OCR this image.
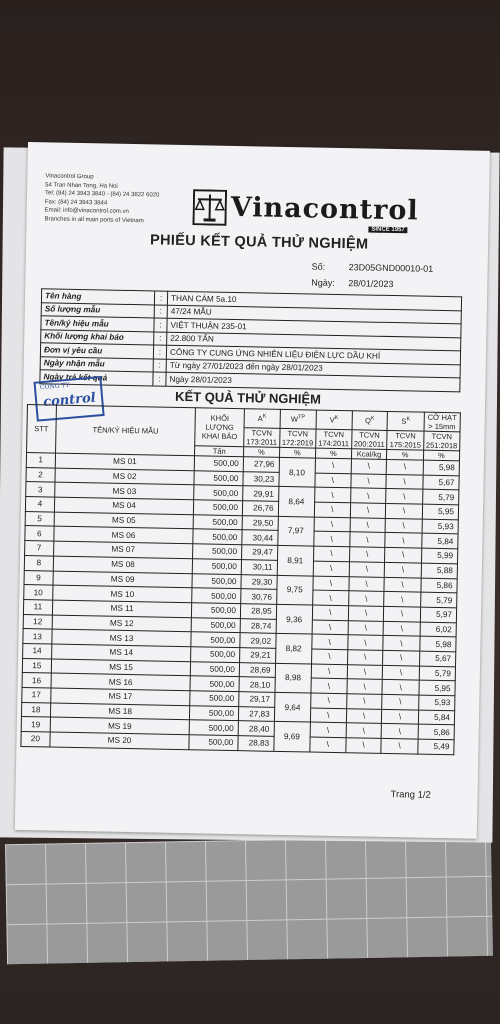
Vinacontrol Group
54 Tran Nhan Tong, Ha Noi
Tel: (84) 24 3943 3840 - (84) 24 3822 6020
Fax: (84) 24 3943 3844
Email: info@vinacontrol.com.vn
Branches in all main ports of Vietnam	Vinacontrol
SINCE 1957
PHIẾU KẾT QUẢ THỬ NGHIỆM
Số:	23D05GND00010-01
Ngày: 28/01/2023
Tên hàng	:	THAN CÁM 5a.10
Số lượng mẫu	:	47/24 MẪU
Tên/ký hiệu mẫu	:	VIỆT THUẬN 235-01
Khối lượng khai báo	:	22.800 TẤN
Đơn vị yêu cầu	:	CÔNG TY CUNG ỨNG NHIÊN LIỆU ĐIỆN LỰC DẦU KHÍ
Ngày nhận mẫu	:	Từ ngày 27/01/2023 đến ngày 28/01/2023
Ngày trả kết quả	:	Ngày 28/01/2023
CÔNG TY
control	KẾT QUẢ THỬ NGHIỆM
STT	TÊN/KÝ HIỆU MẪU	KHỐI LƯỢNG KHAI BÁO	$A^K$	$W^{TP}$	$V^K$	$Q^K$	$S^K$	CỠ HẠT > 15mm
			TCVN 173:2011	TCVN 172:2019	TCVN 174:2011	TCVN 200:2011	TCVN 175:2015	TCVN 251:2018
		Tấn	%	%	%	Kcal/kg	%	%
1	MS 01	500,00	27,96	8,10	\	\	\	5,98
2	MS 02	500,00	30,23		\	\	\	5,67
3	MS 03	500,00	29,91	8,64	\	\	\	5,79
4	MS 04	500,00	26,76		\	\	\	5,95
5	MS 05	500,00	29,50	7,97	\	\	\	5,93
6	MS 06	500,00	30,44		\	\	\	5,84
7	MS 07	500,00	29,47	8,91	\	\	\	5,99
8	MS 08	500,00	30,11		\	\	\	5,88
9	MS 09	500,00	29,30	9,75	\	\	\	5,86
10	MS 10	500,00	30,76		\	\	\	5,79
11	MS 11	500,00	28,95	9,36	\	\	\	5,97
12	MS 12	500,00	28,74		\	\	\	6,02
13	MS 13	500,00	29,02	8,82	\	\	\	5,98
14	MS 14	500,00	29,21		\	\	\	5,67
15	MS 15	500,00	28,69	8,98	\	\	\	5,79
16	MS 16	500,00	28,10		\	\	\	5,95
17	MS 17	500,00	29,17	9,64	\	\	\	5,93
18	MS 18	500,00	27,83		\	\	\	5,84
19	MS 19	500,00	28,40	9,69	\	\	\	5,86
20	MS 20	500,00	28,83		\	\	\	5,49
Trang 1/2
